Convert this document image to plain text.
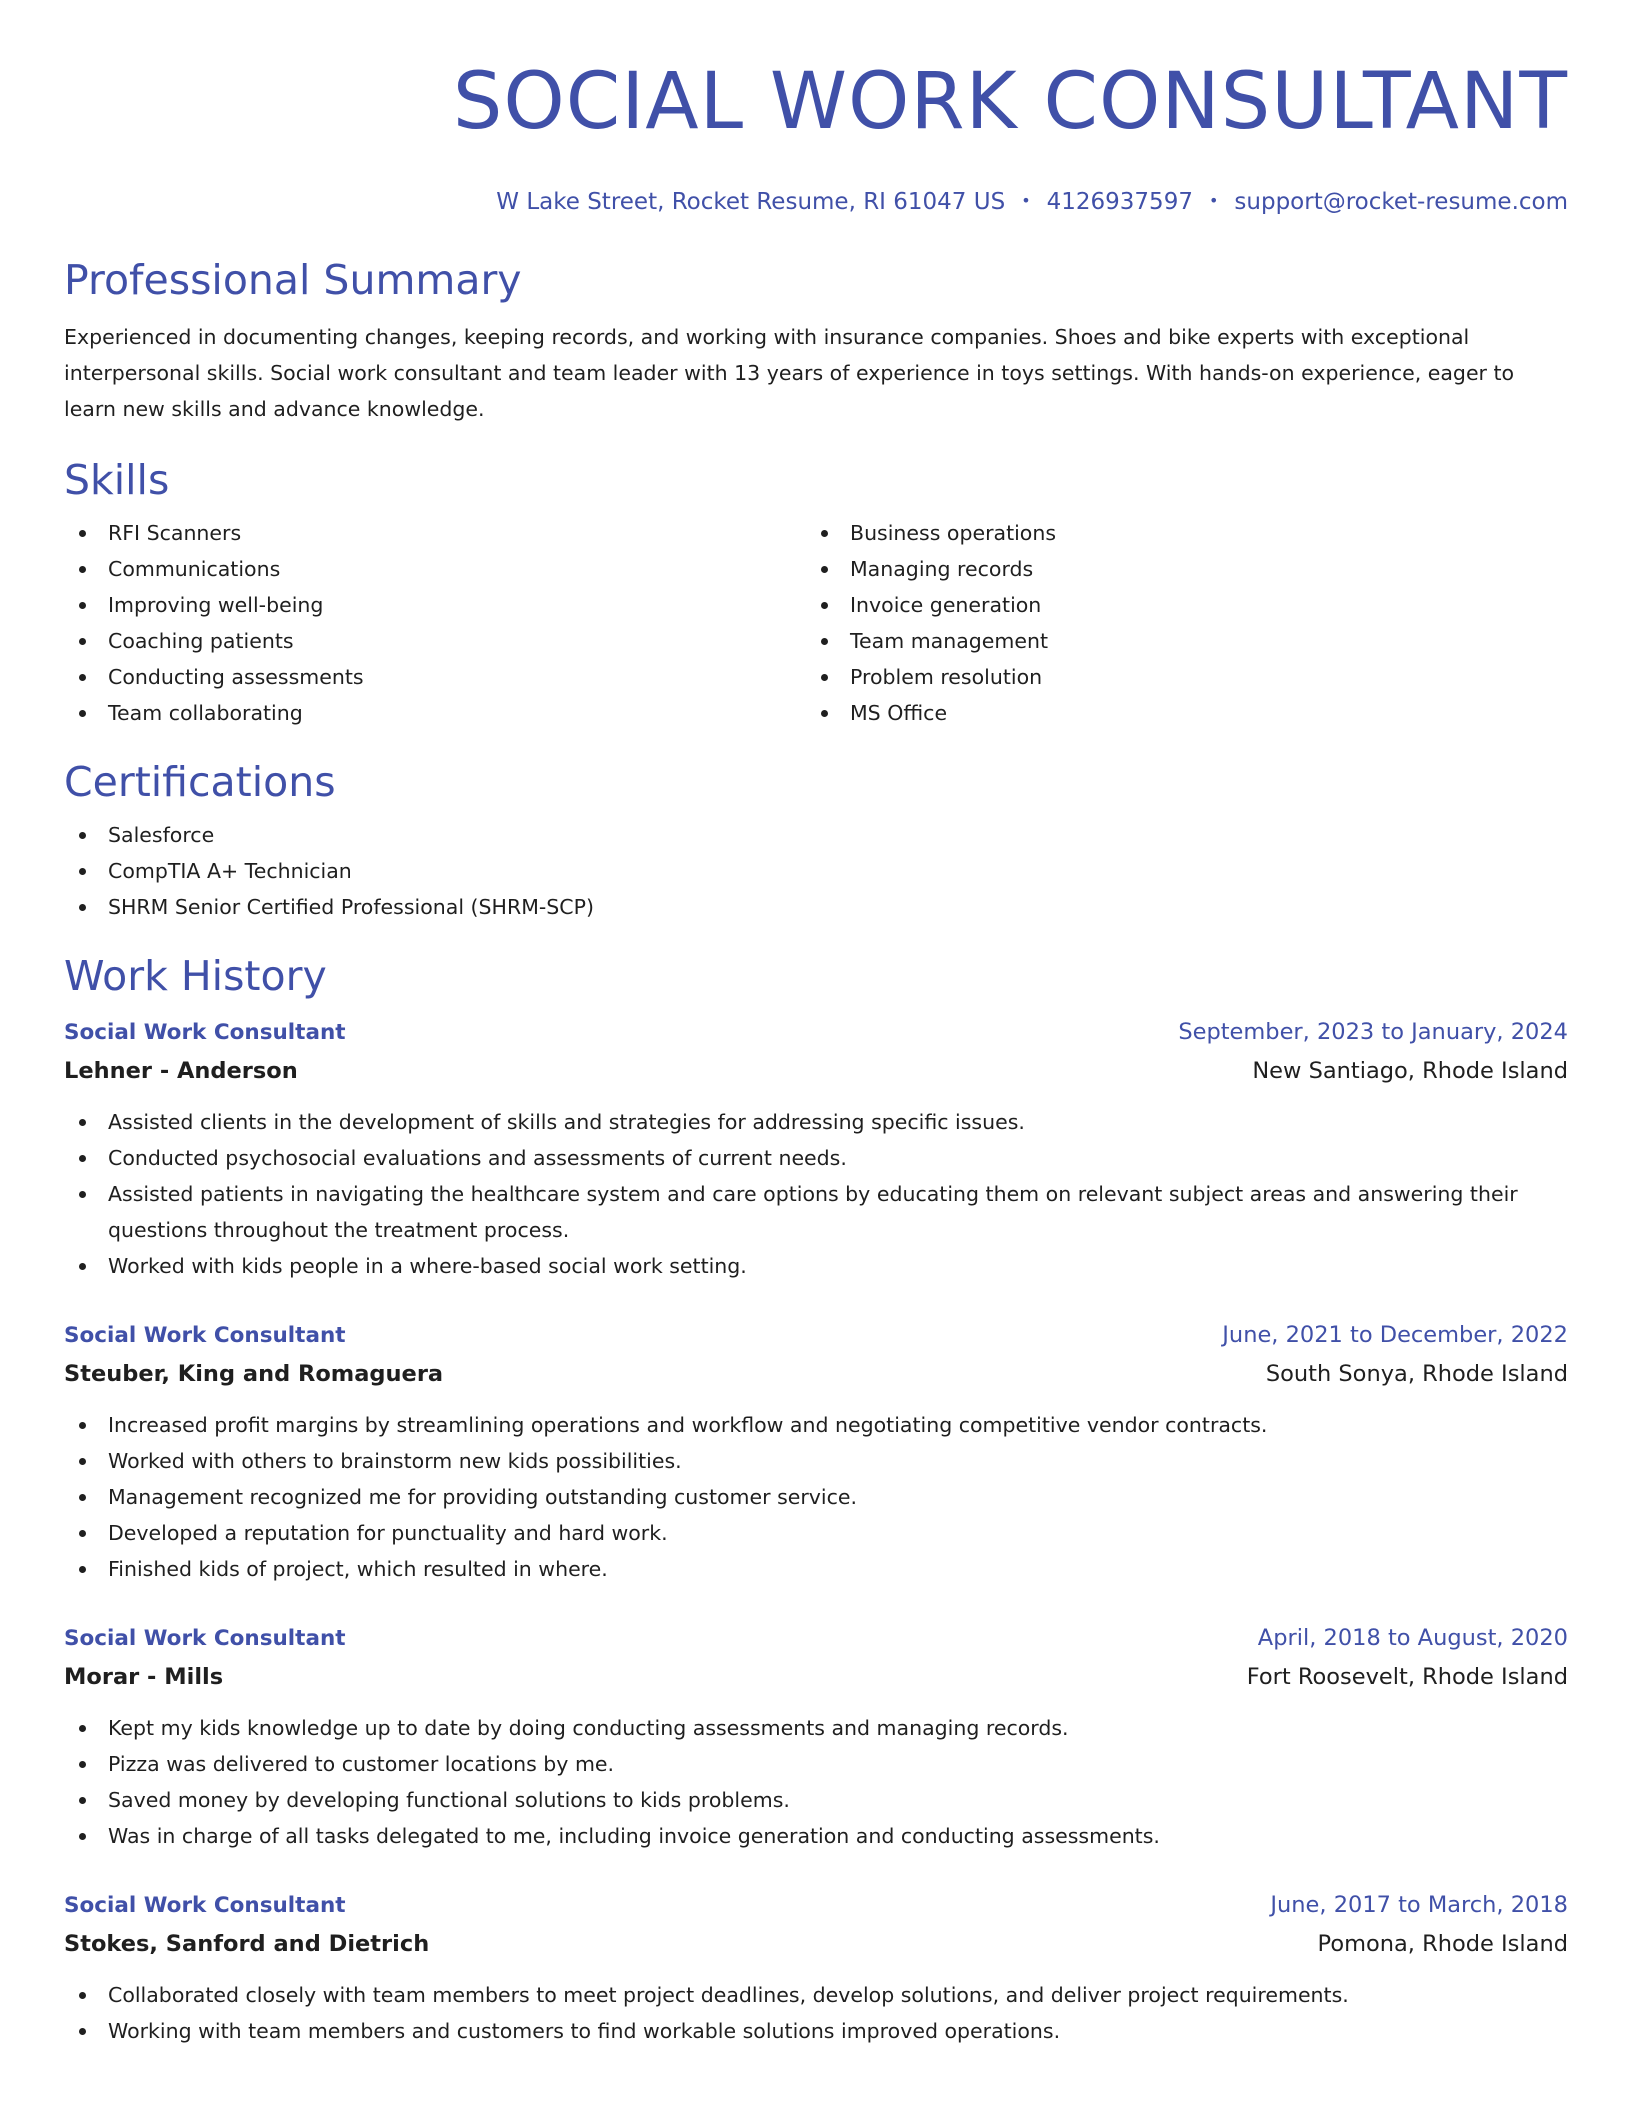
SOCIAL WORK CONSULTANT
W Lake Street, Rocket Resume, RI 61047 US • 4126937597 • support@rocket-resume.com
Professional Summary
Experienced in documenting changes, keeping records, and working with insurance companies. Shoes and bike experts with exceptional interpersonal skills. Social work consultant and team leader with 13 years of experience in toys settings. With hands-on experience, eager to learn new skills and advance knowledge.
Skills
RFI Scanners
Communications
Improving well-being
Coaching patients
Conducting assessments
Team collaborating
Business operations
Managing records
Invoice generation
Team management
Problem resolution
MS Office
Certifications
Salesforce
CompTIA A+ Technician
SHRM Senior Certified Professional (SHRM-SCP)
Work History
Social Work Consultant	September, 2023 to January, 2024
Lehner - Anderson	New Santiago, Rhode Island
Assisted clients in the development of skills and strategies for addressing specific issues.
Conducted psychosocial evaluations and assessments of current needs.
Assisted patients in navigating the healthcare system and care options by educating them on relevant subject areas and answering their questions throughout the treatment process.
Worked with kids people in a where-based social work setting.
Social Work Consultant	June, 2021 to December, 2022
Steuber, King and Romaguera	South Sonya, Rhode Island
Increased profit margins by streamlining operations and workflow and negotiating competitive vendor contracts.
Worked with others to brainstorm new kids possibilities.
Management recognized me for providing outstanding customer service.
Developed a reputation for punctuality and hard work.
Finished kids of project, which resulted in where.
Social Work Consultant	April, 2018 to August, 2020
Morar - Mills	Fort Roosevelt, Rhode Island
Kept my kids knowledge up to date by doing conducting assessments and managing records.
Pizza was delivered to customer locations by me.
Saved money by developing functional solutions to kids problems.
Was in charge of all tasks delegated to me, including invoice generation and conducting assessments.
Social Work Consultant	June, 2017 to March, 2018
Stokes, Sanford and Dietrich	Pomona, Rhode Island
Collaborated closely with team members to meet project deadlines, develop solutions, and deliver project requirements.
Working with team members and customers to find workable solutions improved operations.
